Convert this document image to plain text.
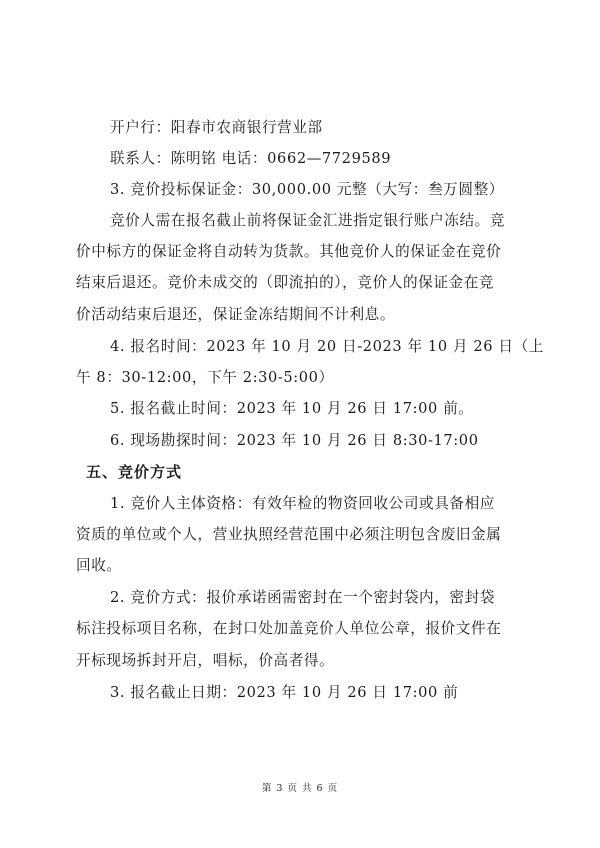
开户行：阳春市农商银行营业部
联系人：陈明铭 电话：0662—7729589
3. 竞价投标保证金：30,000.00 元整（大写：叁万圆整）
竞价人需在报名截止前将保证金汇进指定银行账户冻结。竞
价中标方的保证金将自动转为货款。其他竞价人的保证金在竞价
结束后退还。竞价未成交的（即流拍的），竞价人的保证金在竞
价活动结束后退还，保证金冻结期间不计利息。
4. 报名时间：2023 年 10 月 20 日-2023 年 10 月 26 日（上
午 8：30-12:00，下午 2:30-5:00）
5. 报名截止时间：2023 年 10 月 26 日 17:00 前。
6. 现场勘探时间：2023 年 10 月 26 日 8:30-17:00
五、竞价方式
1. 竞价人主体资格：有效年检的物资回收公司或具备相应
资质的单位或个人，营业执照经营范围中必须注明包含废旧金属
回收。
2. 竞价方式：报价承诺函需密封在一个密封袋内，密封袋
标注投标项目名称，在封口处加盖竞价人单位公章，报价文件在
开标现场拆封开启，唱标，价高者得。
3. 报名截止日期：2023 年 10 月 26 日 17:00 前
第 3 页 共 6 页
